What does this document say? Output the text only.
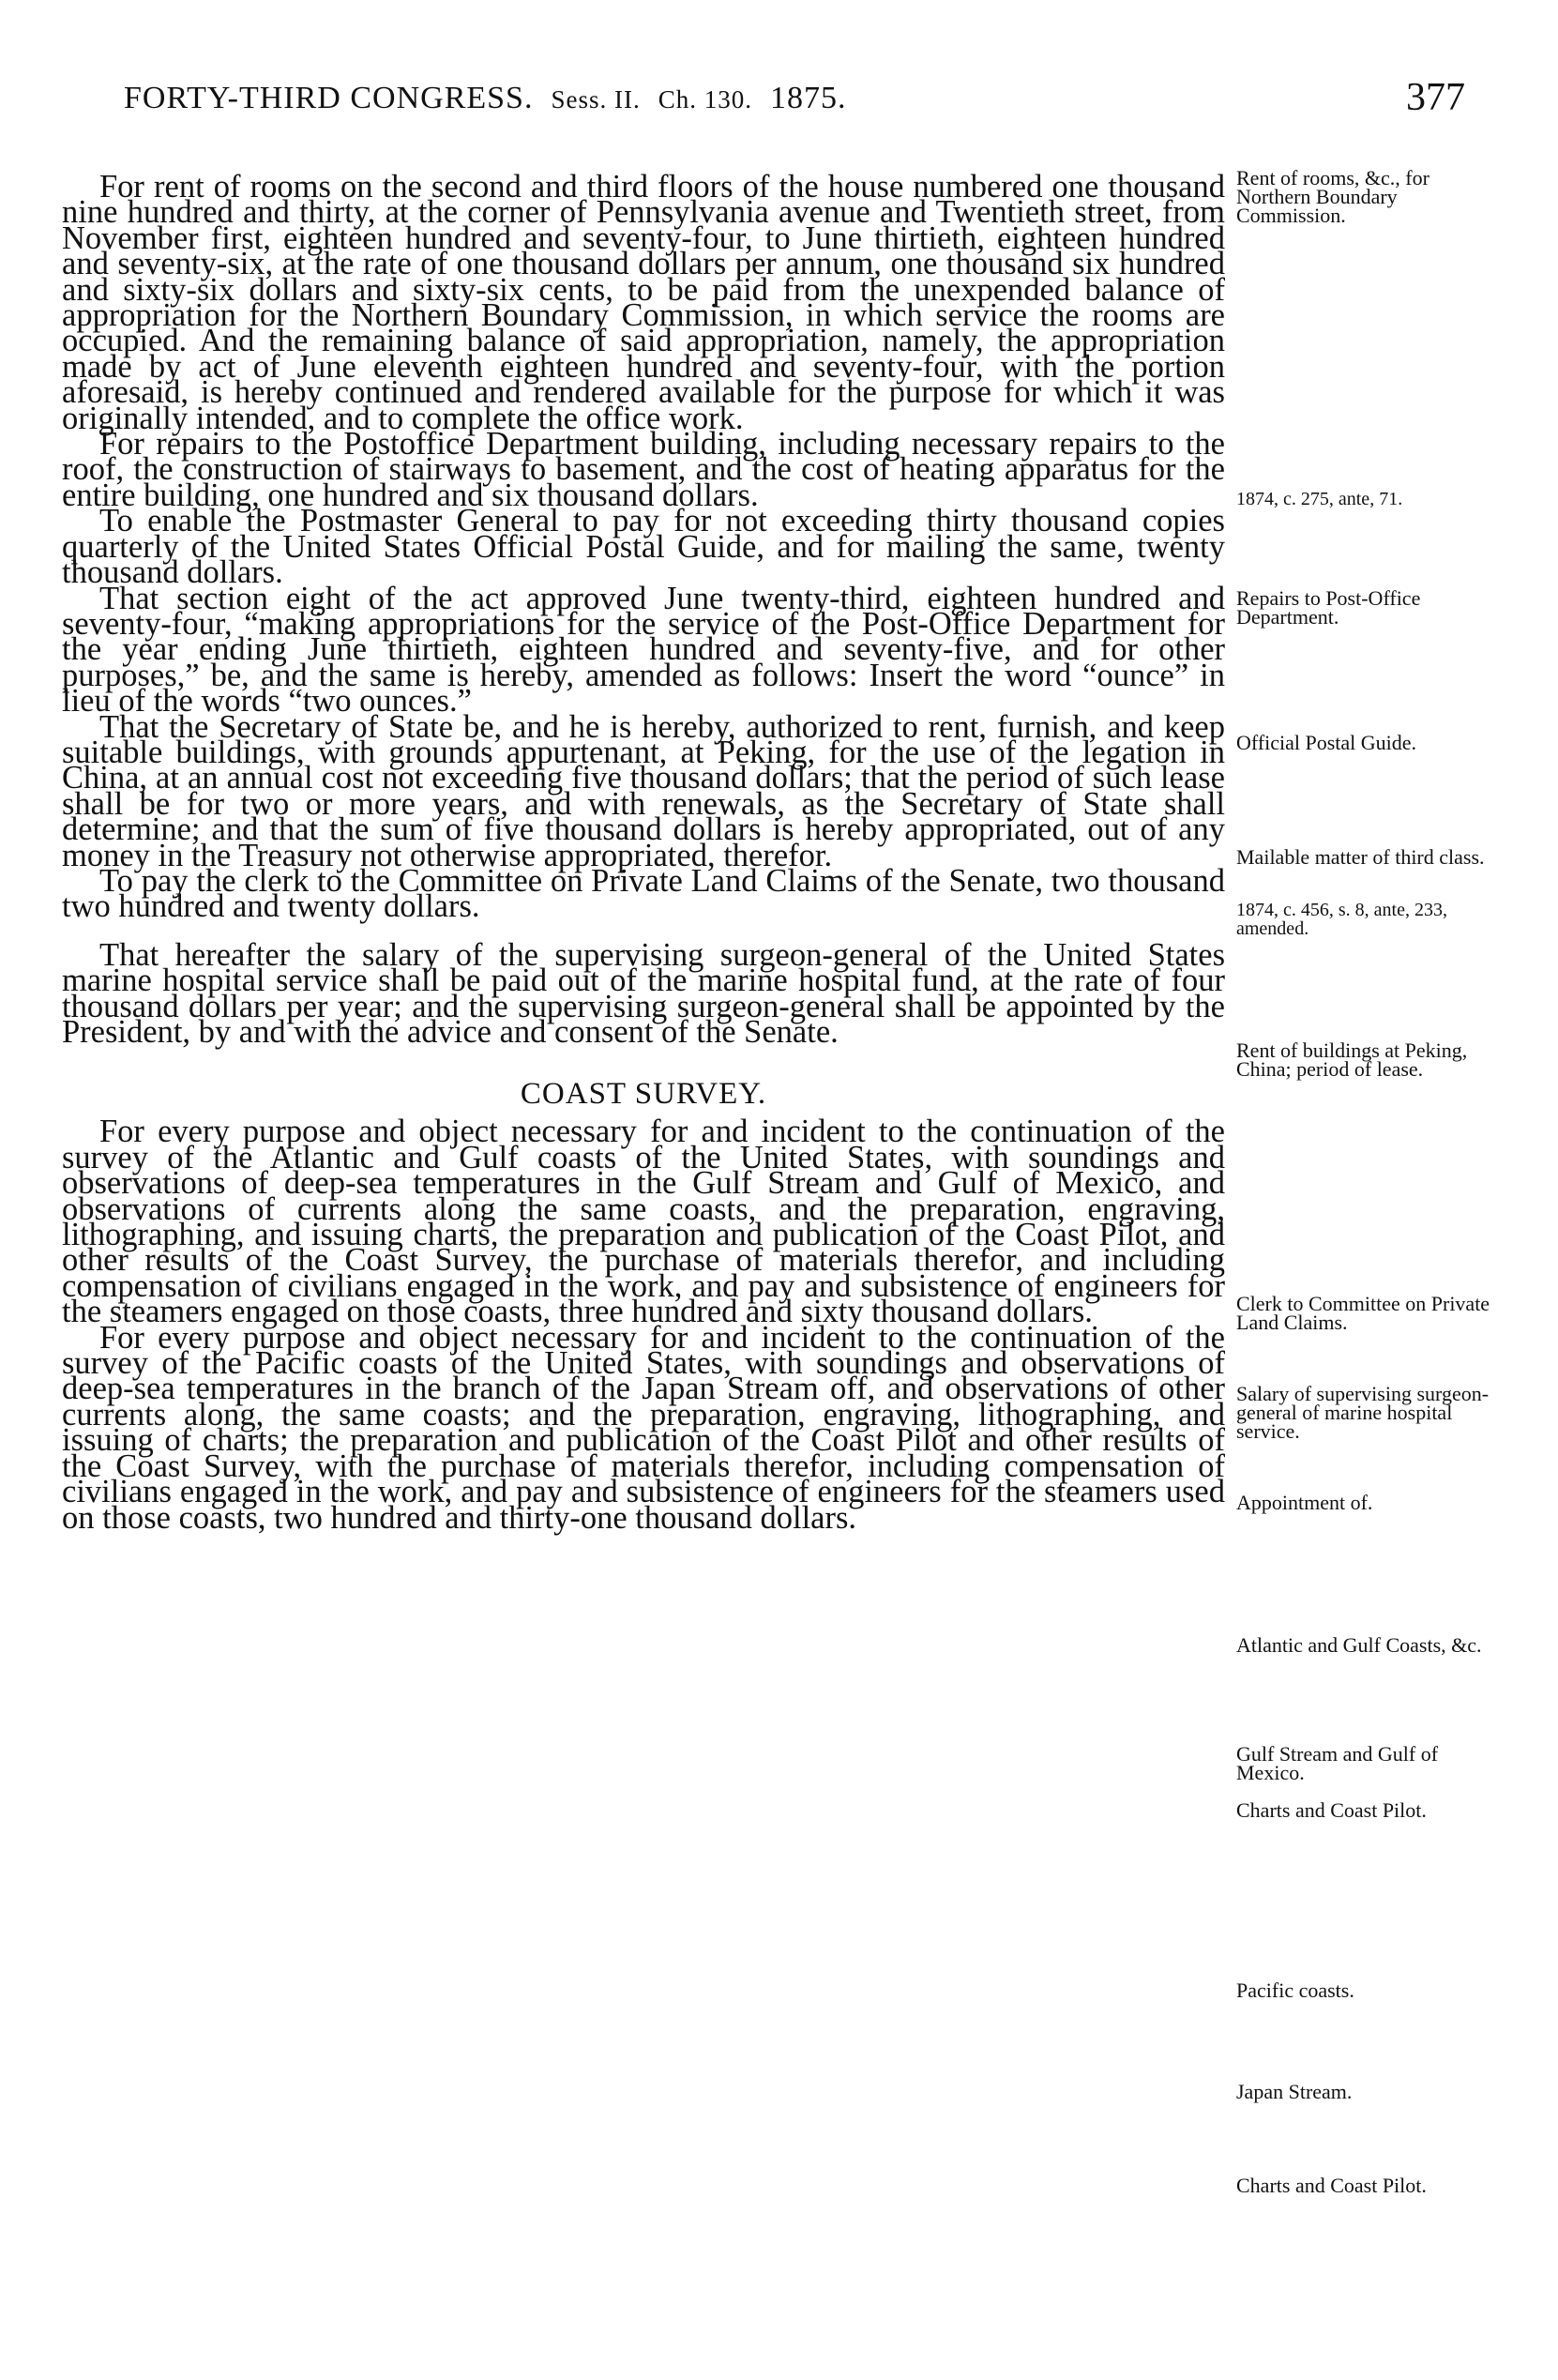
FORTY-THIRD CONGRESS. Sess. II. Ch. 130. 1875.	377

For rent of rooms on the second and third floors of the house numbered one thousand nine hundred and thirty, at the corner of Pennsylvania avenue and Twentieth street, from November first, eighteen hundred and seventy-four, to June thirtieth, eighteen hundred and seventy-six, at the rate of one thousand dollars per annum, one thousand six hundred and sixty-six dollars and sixty-six cents, to be paid from the unexpended balance of appropriation for the Northern Boundary Commission, in which service the rooms are occupied. And the remaining balance of said appropriation, namely, the appropriation made by act of June eleventh eighteen hundred and seventy-four, with the portion aforesaid, is hereby continued and rendered available for the purpose for which it was originally intended, and to complete the office work.

For repairs to the Postoffice Department building, including necessary repairs to the roof, the construction of stairways to basement, and the cost of heating apparatus for the entire building, one hundred and six thousand dollars.

To enable the Postmaster General to pay for not exceeding thirty thousand copies quarterly of the United States Official Postal Guide, and for mailing the same, twenty thousand dollars.

That section eight of the act approved June twenty-third, eighteen hundred and seventy-four, “making appropriations for the service of the Post-Office Department for the year ending June thirtieth, eighteen hundred and seventy-five, and for other purposes,” be, and the same is hereby, amended as follows: Insert the word “ounce” in lieu of the words “two ounces.”

That the Secretary of State be, and he is hereby, authorized to rent, furnish, and keep suitable buildings, with grounds appurtenant, at Peking, for the use of the legation in China, at an annual cost not exceeding five thousand dollars; that the period of such lease shall be for two or more years, and with renewals, as the Secretary of State shall determine; and that the sum of five thousand dollars is hereby appropriated, out of any money in the Treasury not otherwise appropriated, therefor.

To pay the clerk to the Committee on Private Land Claims of the Senate, two thousand two hundred and twenty dollars.

That hereafter the salary of the supervising surgeon-general of the United States marine hospital service shall be paid out of the marine hospital fund, at the rate of four thousand dollars per year; and the supervising surgeon-general shall be appointed by the President, by and with the advice and consent of the Senate.

COAST SURVEY.

For every purpose and object necessary for and incident to the continuation of the survey of the Atlantic and Gulf coasts of the United States, with soundings and observations of deep-sea temperatures in the Gulf Stream and Gulf of Mexico, and observations of currents along the same coasts, and the preparation, engraving, lithographing, and issuing charts, the preparation and publication of the Coast Pilot, and other results of the Coast Survey, the purchase of materials therefor, and including compensation of civilians engaged in the work, and pay and subsistence of engineers for the steamers engaged on those coasts, three hundred and sixty thousand dollars.

For every purpose and object necessary for and incident to the continuation of the survey of the Pacific coasts of the United States, with soundings and observations of deep-sea temperatures in the branch of the Japan Stream off, and observations of other currents along, the same coasts; and the preparation, engraving, lithographing, and issuing of charts; the preparation and publication of the Coast Pilot and other results of the Coast Survey, with the purchase of materials therefor, including compensation of civilians engaged in the work, and pay and subsistence of engineers for the steamers used on those coasts, two hundred and thirty-one thousand dollars.

Rent of rooms, &c., for Northern Boundary Commission.

1874, c. 275, ante, 71.

Repairs to Post-Office Department.

Official Postal Guide.

Mailable matter of third class.

1874, c. 456, s. 8, ante, 233, amended.

Rent of buildings at Peking, China; period of lease.

Clerk to Committee on Private Land Claims.

Salary of supervising surgeon-general of marine hospital service.

Appointment of.

Atlantic and Gulf Coasts, &c.

Gulf Stream and Gulf of Mexico.

Charts and Coast Pilot.

Pacific coasts.

Japan Stream.

Charts and Coast Pilot.
